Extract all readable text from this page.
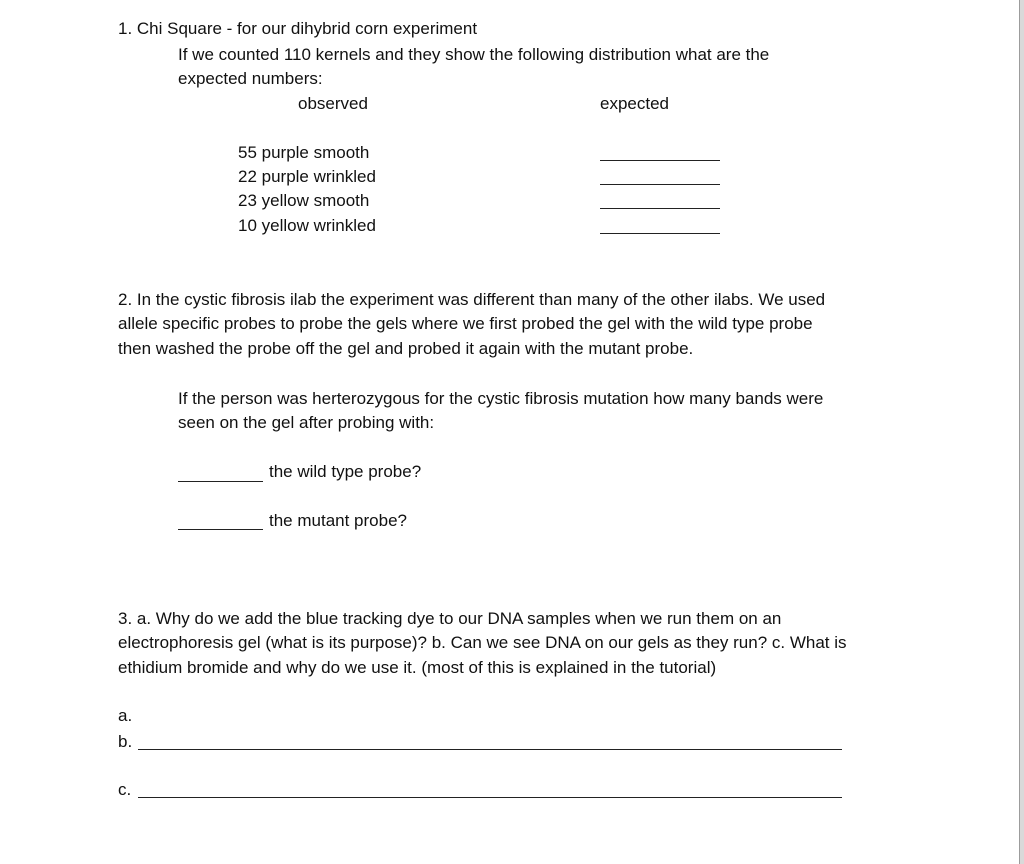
1. Chi Square - for our dihybrid corn experiment
If we counted 110 kernels and they show the following distribution what are the
expected numbers:
observed	expected
55 purple smooth
22 purple wrinkled
23 yellow smooth
10 yellow wrinkled
2. In the cystic fibrosis ilab the experiment was different than many of the other ilabs. We used
allele specific probes to probe the gels where we first probed the gel with the wild type probe
then washed the probe off the gel and probed it again with the mutant probe.
If the person was herterozygous for the cystic fibrosis mutation how many bands were
seen on the gel after probing with:
the wild type probe?
the mutant probe?
3. a. Why do we add the blue tracking dye to our DNA samples when we run them on an
electrophoresis gel (what is its purpose)? b. Can we see DNA on our gels as they run? c. What is
ethidium bromide and why do we use it. (most of this is explained in the tutorial)
a.
b.
c.
